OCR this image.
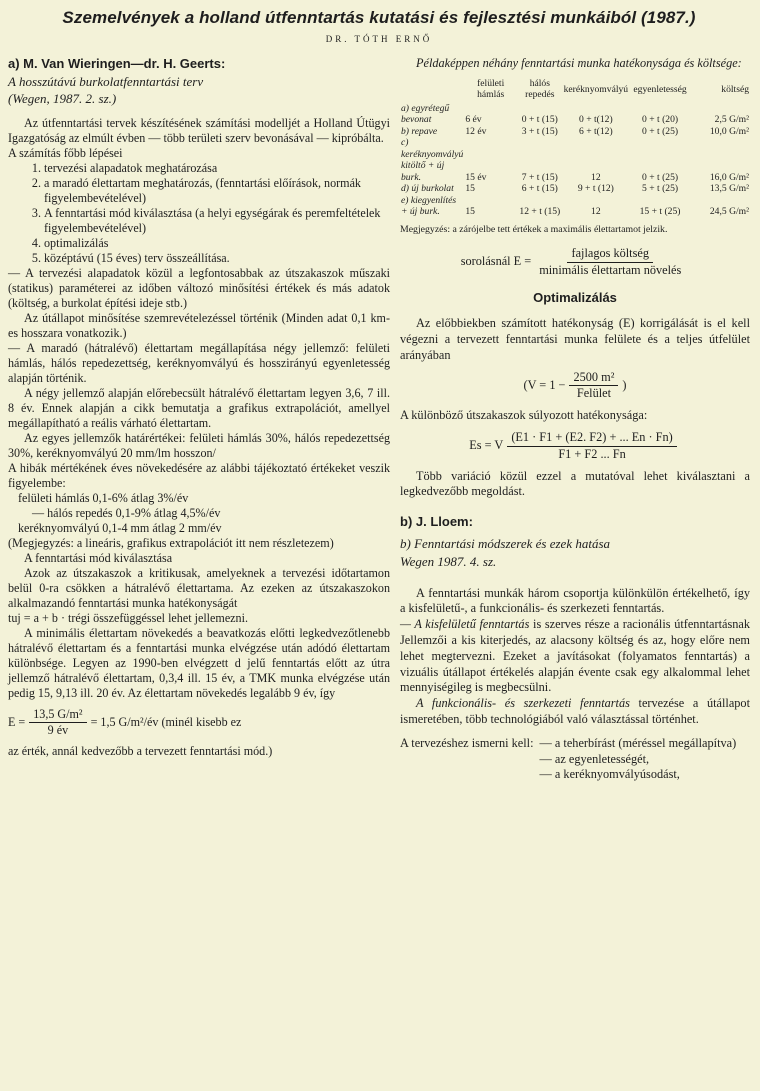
Szemelvények a holland útfenntartás kutatási és fejlesztési munkáiból (1987.)
DR. TÓTH ERNŐ
a) M. Van Wieringen—dr. H. Geerts:
A hosszútávú burkolatfenntartási terv
(Wegen, 1987. 2. sz.)

Az útfenntartási tervek készítésének számítási modelljét a Holland Útügyi Igazgatóság az elmúlt évben — több területi szerv bevonásával — kipróbálta.

A számítás főbb lépései

1. tervezési alapadatok meghatározása
2. a maradó élettartam meghatározás, (fenntartási előírások, normák figyelembevételével)
3. A fenntartási mód kiválasztása (a helyi egységárak és peremfeltételek figyelembevételével)
4. optimalizálás
5. középtávú (15 éves) terv összeállítása.

— A tervezési alapadatok közül a legfontosabbak az útszakaszok műszaki (statikus) paraméterei az időben változó minősítési értékek és más adatok (költség, a burkolat építési ideje stb.)

Az útállapot minősítése szemrevételezéssel történik (Minden adat 0,1 km-es hosszara vonatkozik.)

— A maradó (hátralévő) élettartam megállapítása négy jellemző: felületi hámlás, hálós repedezettség, keréknyomvályú és hosszirányú egyenletesség alapján történik.

A négy jellemző alapján előrebecsült hátralévő élettartam legyen 3,6, 7 ill. 8 év. Ennek alapján a cikk bemutatja a grafikus extrapolációt, amellyel megállapítható a reális várható élettartam.

Az egyes jellemzők határértékei: felületi hámlás 30%, hálós repedezettség 30%, keréknyomvályú 20 mm/lm hosszon/

A hibák mértékének éves növekedésére az alábbi tájékoztató értékeket veszik figyelembe:

felületi hámlás 0,1-6% átlag 3%/év
— hálós repedés 0,1-9% átlag 4,5%/év
keréknyomvályú 0,1-4 mm átlag 2 mm/év

(Megjegyzés: a lineáris, grafikus extrapolációt itt nem részletezem)

A fenntartási mód kiválasztása

Azok az útszakaszok a kritikusak, amelyeknek a tervezési időtartamon belül 0-ra csökken a hátralévő élettartama. Az ezeken az útszakaszokon alkalmazandó fenntartási munka hatékonyságát

tuj = a + b · trégi összefüggéssel lehet jellemezni.

A minimális élettartam növekedés a beavatkozás előtti legkedvezőtlenebb hátralévő élettartam és a fenntartási munka elvégzése után adódó élettartam különbsége. Legyen az 1990-ben elvégzett d jelű fenntartás előtt az útra jellemző hátralévő élettartam, 0,3,4 ill. 15 év, a TMK munka elvégzése után pedig 15, 9,13 ill. 20 év. Az élettartam növekedés legalább 9 év, így

$E = \frac{\text{13,5 G/m²}}{9 év} = 1,5$ G/m²/év (minél kisebb ez

az érték, annál kedvezőbb a tervezett fenntartási mód.)

Példaképpen néhány fenntartási munka hatékonysága és költsége:

	felületi hámlás	hálós repedés	keréknyomvályú	egyenletesség	költség
a) egyrétegű bevonat	6 év	0 + t (15)	0 + t(12)	0 + t (20)	2,5 G/m²
b) repave	12 év	3 + t (15)	6 + t(12)	0 + t (25)	10,0 G/m²
c) keréknyomvályú kitöltő + új burk.	15 év	7 + t (15)	12	0 + t (25)	16,0 G/m²
d) új burkolat	15	6 + t (15)	9 + t (12)	5 + t (25)	13,5 G/m²
e) kiegyenlítés + új burk.	15	12 + t (15)	12	15 + t (25)	24,5 G/m²
Megjegyzés: a zárójelbe tett értékek a maximális élettartamot jelzik.
sorolásnál $E = \frac{\text{fajlagos költség}}{\text{minimális élettartam növelés}}$
Optimalizálás

Az előbbiekben számított hatékonyság (E) korrigálását is el kell végezni a tervezett fenntartási munka felülete és a teljes útfelület arányában

($V = 1 - \frac{\text{2500 m²}}{\text{Felület}}$ )

A különböző útszakaszok súlyozott hatékonysága:

Es = V $\frac{(E1 \cdot F1 + (E2. F2) + ... En \cdot Fn)}{F1 + F2 ... Fn}$

Több variáció közül ezzel a mutatóval lehet kiválasztani a legkedvezőbb megoldást.

b) J. Lloem:
b) Fenntartási módszerek és ezek hatása
Wegen 1987. 4. sz.

A fenntartási munkák három csoportja különkülön értékelhető, így a kisfelületű-, a funkcionális- és szerkezeti fenntartás.

— A kisfelületű fenntartás is szerves része a racionális útfenntartásnak Jellemzői a kis kiterjedés, az alacsony költség és az, hogy előre nem lehet megtervezni. Ezeket a javításokat (folyamatos fenntartás) a vizuális útállapot értékelés alapján évente csak egy alkalommal lehet mennyiségileg is megbecsülni.

A funkcionális- és szerkezeti fenntartás tervezése a útállapot ismeretében, több technológiából való választással történhet.

A tervezéshez ismerni kell: — a teherbírást (méréssel megállapítva)
— az egyenletességét,
— a keréknyomvályúsodást,
